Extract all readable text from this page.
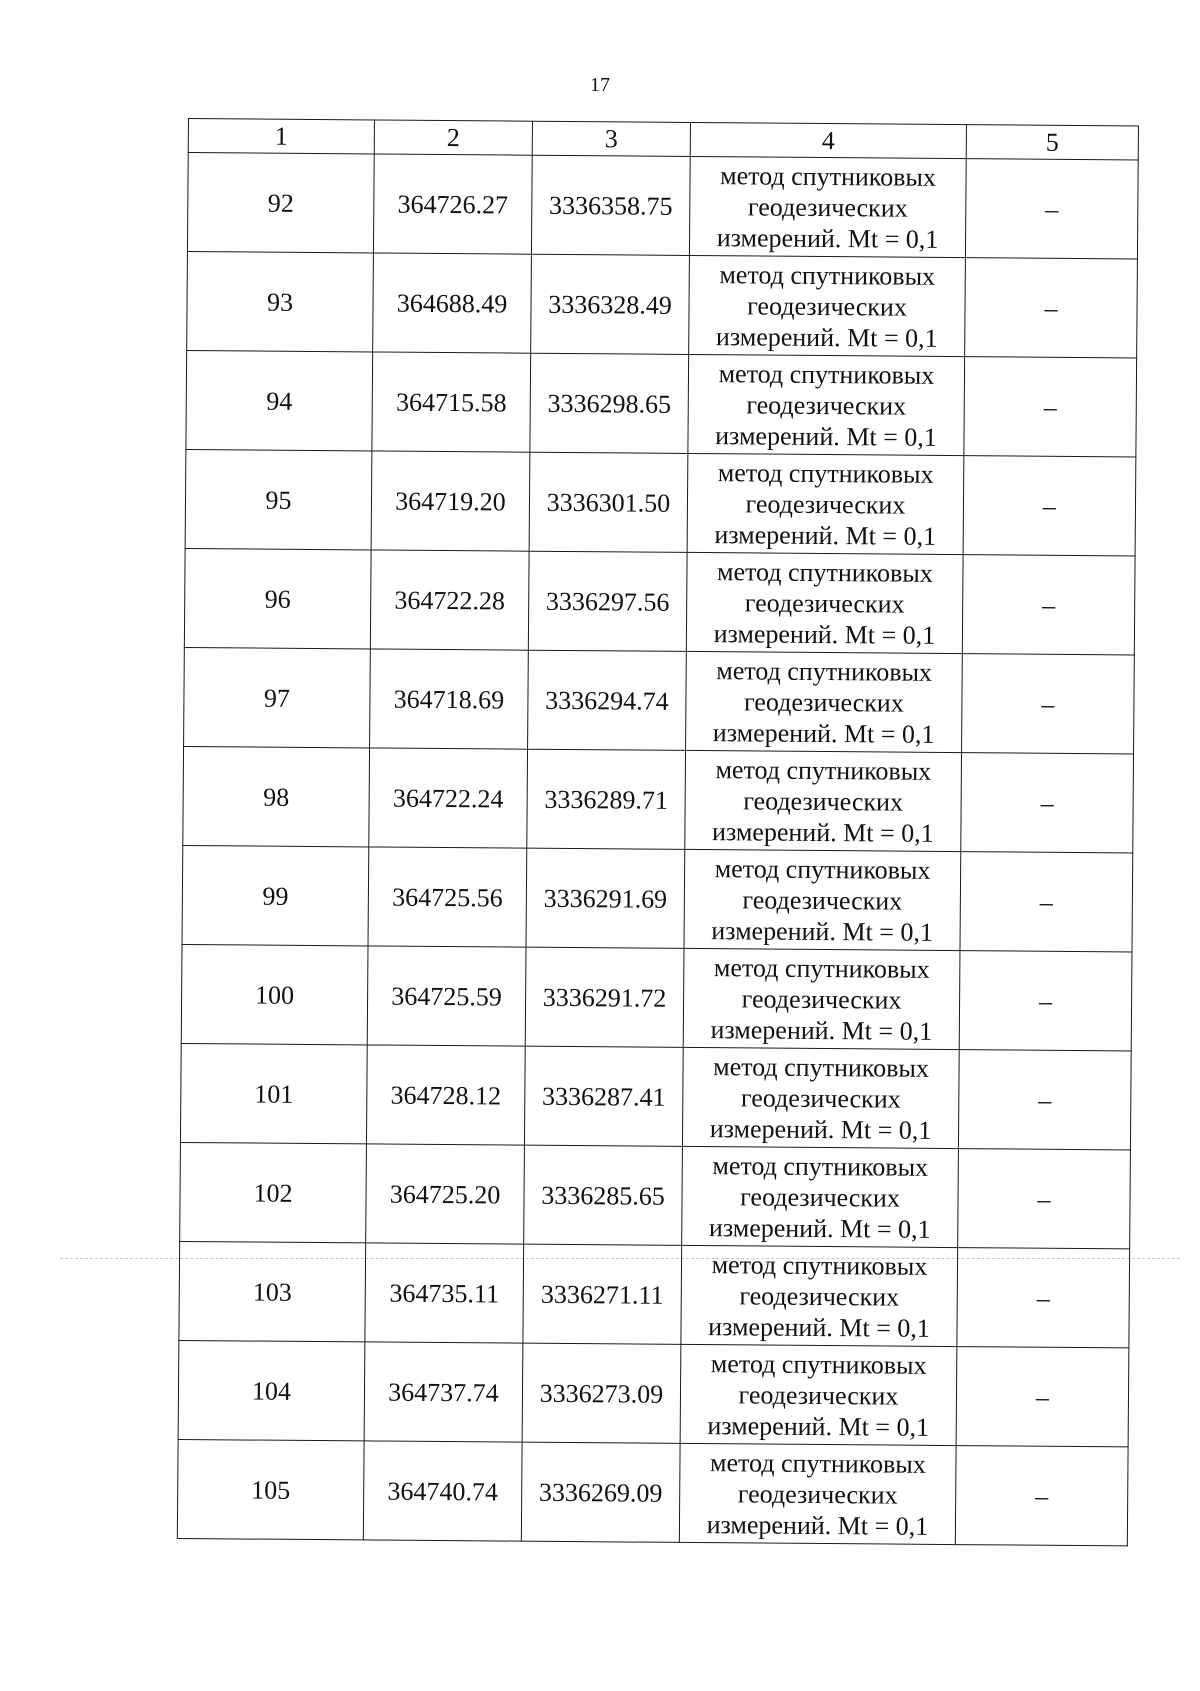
17
1	2	3	4	5
92	364726.27	3336358.75	метод спутниковых
геодезических
измерений. Mt = 0,1	–
93	364688.49	3336328.49	метод спутниковых
геодезических
измерений. Mt = 0,1	–
94	364715.58	3336298.65	метод спутниковых
геодезических
измерений. Mt = 0,1	–
95	364719.20	3336301.50	метод спутниковых
геодезических
измерений. Mt = 0,1	–
96	364722.28	3336297.56	метод спутниковых
геодезических
измерений. Mt = 0,1	–
97	364718.69	3336294.74	метод спутниковых
геодезических
измерений. Mt = 0,1	–
98	364722.24	3336289.71	метод спутниковых
геодезических
измерений. Mt = 0,1	–
99	364725.56	3336291.69	метод спутниковых
геодезических
измерений. Mt = 0,1	–
100	364725.59	3336291.72	метод спутниковых
геодезических
измерений. Mt = 0,1	–
101	364728.12	3336287.41	метод спутниковых
геодезических
измерений. Mt = 0,1	–
102	364725.20	3336285.65	метод спутниковых
геодезических
измерений. Mt = 0,1	–
103	364735.11	3336271.11	метод спутниковых
геодезических
измерений. Mt = 0,1	–
104	364737.74	3336273.09	метод спутниковых
геодезических
измерений. Mt = 0,1	–
105	364740.74	3336269.09	метод спутниковых
геодезических
измерений. Mt = 0,1	–
